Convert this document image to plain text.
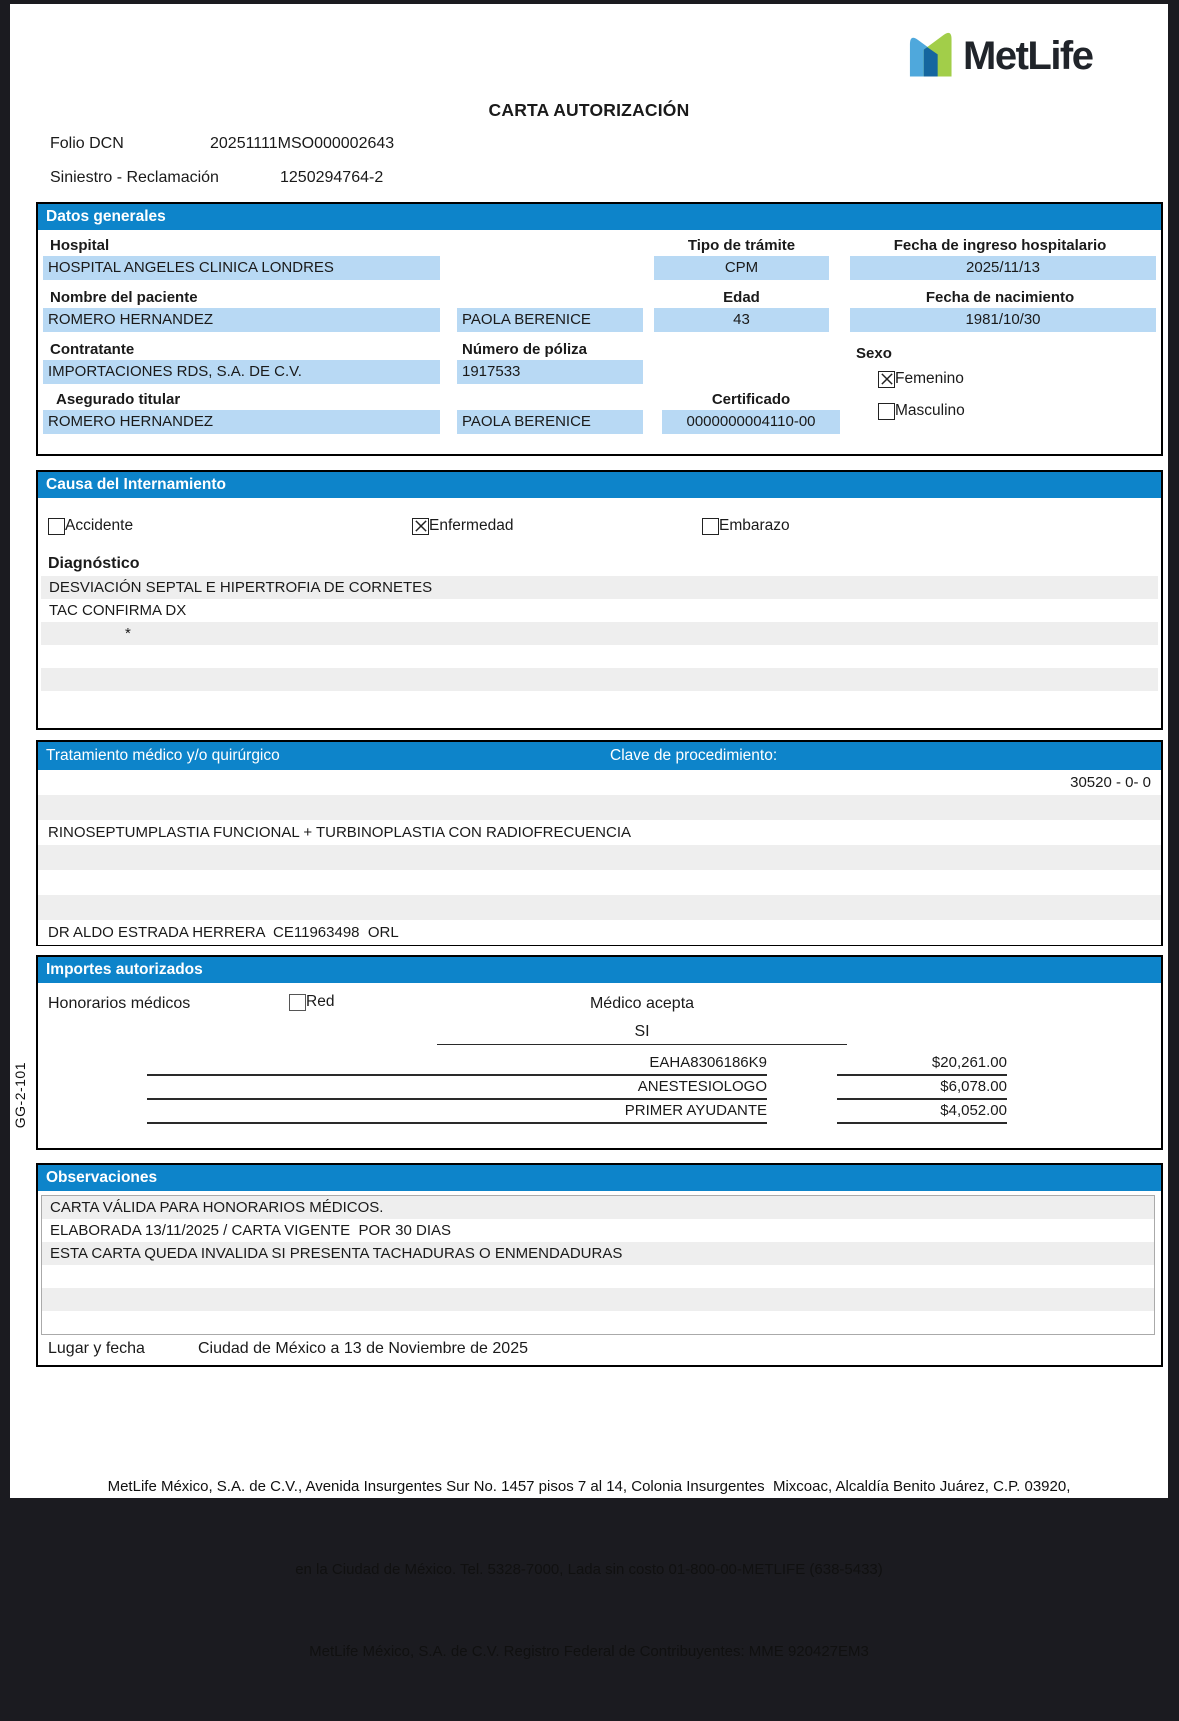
MetLife
CARTA AUTORIZACIÓN
Folio DCN	20251111MSO000002643
Siniestro - Reclamación	1250294764-2
Datos generales
Hospital
HOSPITAL ANGELES CLINICA LONDRES
Tipo de trámite
CPM
Fecha de ingreso hospitalario
2025/11/13
Nombre del paciente
ROMERO HERNANDEZ	PAOLA BERENICE
Edad
43
Fecha de nacimiento
1981/10/30
Contratante	Número de póliza	Sexo
IMPORTACIONES RDS, S.A. DE C.V.	1917533	Femenino
Masculino
Asegurado titular	Certificado
ROMERO HERNANDEZ	PAOLA BERENICE	0000000004110-00
Causa del Internamiento
Accidente	Enfermedad	Embarazo
Diagnóstico
DESVIACIÓN SEPTAL E HIPERTROFIA DE CORNETES
TAC CONFIRMA DX
*
Tratamiento médico y/o quirúrgico	Clave de procedimiento:
30520 - 0- 0
RINOSEPTUMPLASTIA FUNCIONAL + TURBINOPLASTIA CON RADIOFRECUENCIA
DR ALDO ESTRADA HERRERA  CE11963498  ORL
Importes autorizados
Honorarios médicos	Red	Médico acepta
SI
EAHA8306186K9	$20,261.00
ANESTESIOLOGO	$6,078.00
PRIMER AYUDANTE	$4,052.00
Observaciones
CARTA VÁLIDA PARA HONORARIOS MÉDICOS.
ELABORADA 13/11/2025 / CARTA VIGENTE  POR 30 DIAS
ESTA CARTA QUEDA INVALIDA SI PRESENTA TACHADURAS O ENMENDADURAS
Lugar y fecha	Ciudad de México a 13 de Noviembre de 2025
GG-2-101

MetLife México, S.A. de C.V., Avenida Insurgentes Sur No. 1457 pisos 7 al 14, Colonia Insurgentes  Mixcoac, Alcaldía Benito Juárez, C.P. 03920,

en la Ciudad de México. Tel. 5328-7000, Lada sin costo 01-800-00-METLIFE (638-5433)

MetLife México, S.A. de C.V. Registro Federal de Contribuyentes: MME 920427EM3
